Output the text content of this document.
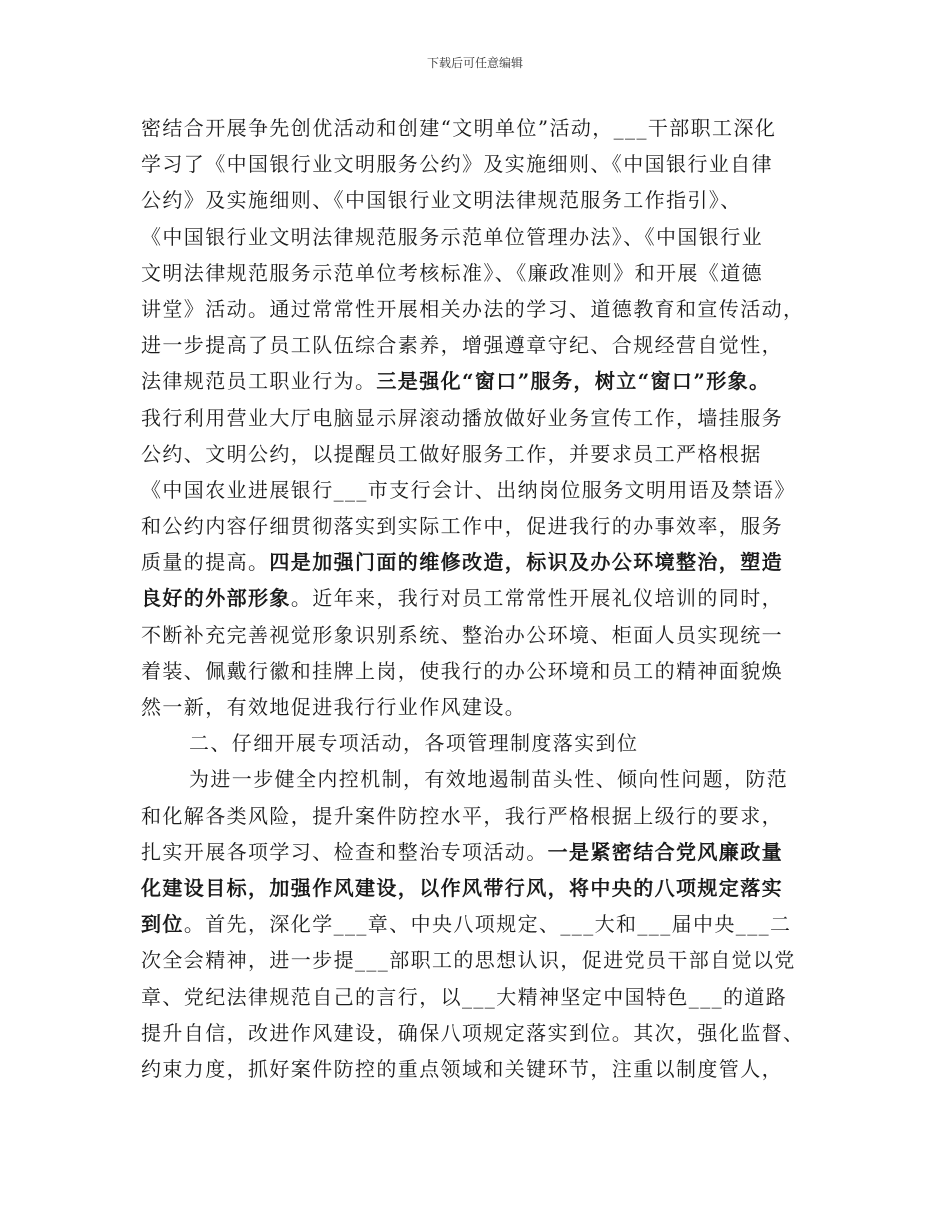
下载后可任意编辑
密结合开展争先创优活动和创建“文明单位”活动，___干部职工深化
学习了《中国银行业文明服务公约》及实施细则、《中国银行业自律
公约》及实施细则、《中国银行业文明法律规范服务工作指引》、
《中国银行业文明法律规范服务示范单位管理办法》、《中国银行业
文明法律规范服务示范单位考核标准》、《廉政准则》和开展《道德
讲堂》活动。通过常常性开展相关办法的学习、道德教育和宣传活动，
进一步提高了员工队伍综合素养，增强遵章守纪、合规经营自觉性，
法律规范员工职业行为。三是强化“窗口”服务，树立“窗口”形象。
我行利用营业大厅电脑显示屏滚动播放做好业务宣传工作，墙挂服务
公约、文明公约，以提醒员工做好服务工作，并要求员工严格根据
《中国农业进展银行___市支行会计、出纳岗位服务文明用语及禁语》
和公约内容仔细贯彻落实到实际工作中，促进我行的办事效率，服务
质量的提高。四是加强门面的维修改造，标识及办公环境整治，塑造
良好的外部形象。近年来，我行对员工常常性开展礼仪培训的同时，
不断补充完善视觉形象识别系统、整治办公环境、柜面人员实现统一
着装、佩戴行徽和挂牌上岗，使我行的办公环境和员工的精神面貌焕
然一新，有效地促进我行行业作风建设。
二、仔细开展专项活动，各项管理制度落实到位
为进一步健全内控机制，有效地遏制苗头性、倾向性问题，防范
和化解各类风险，提升案件防控水平，我行严格根据上级行的要求，
扎实开展各项学习、检查和整治专项活动。一是紧密结合党风廉政量
化建设目标，加强作风建设，以作风带行风，将中央的八项规定落实
到位。首先，深化学___章、中央八项规定、___大和___届中央___二
次全会精神，进一步提___部职工的思想认识，促进党员干部自觉以党
章、党纪法律规范自己的言行，以___大精神坚定中国特色___的道路
提升自信，改进作风建设，确保八项规定落实到位。其次，强化监督、
约束力度，抓好案件防控的重点领域和关键环节，注重以制度管人，
